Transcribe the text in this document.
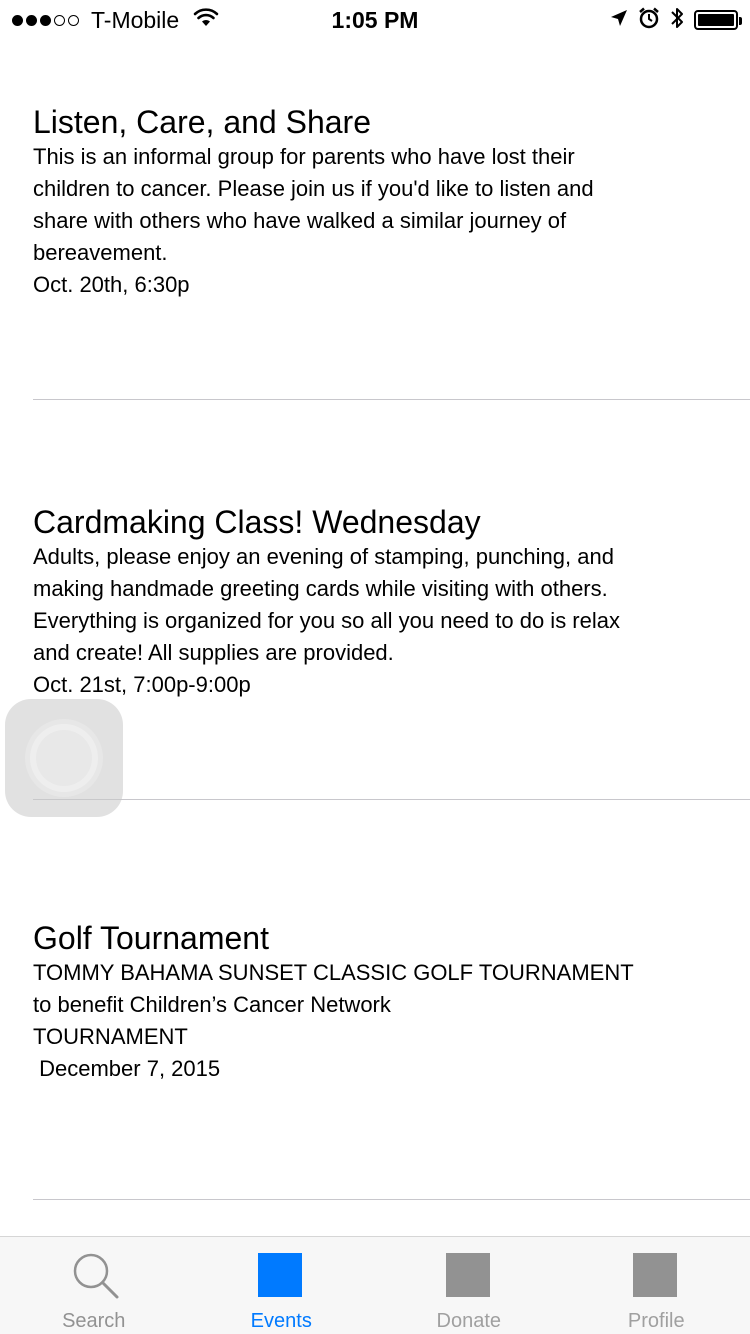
T-Mobile	1:05 PM
Listen, Care, and Share

This is an informal group for parents who have lost their
children to cancer. Please join us if you'd like to listen and
share with others who have walked a similar journey of
bereavement.

Oct. 20th, 6:30p

Cardmaking Class! Wednesday

Adults, please enjoy an evening of stamping, punching, and
making handmade greeting cards while visiting with others.
Everything is organized for you so all you need to do is relax
and create! All supplies are provided.

Oct. 21st, 7:00p-9:00p

Golf Tournament

TOMMY BAHAMA SUNSET CLASSIC GOLF TOURNAMENT
to benefit Children’s Cancer Network
TOURNAMENT

December 7, 2015

Search	Events	Donate	Profile
